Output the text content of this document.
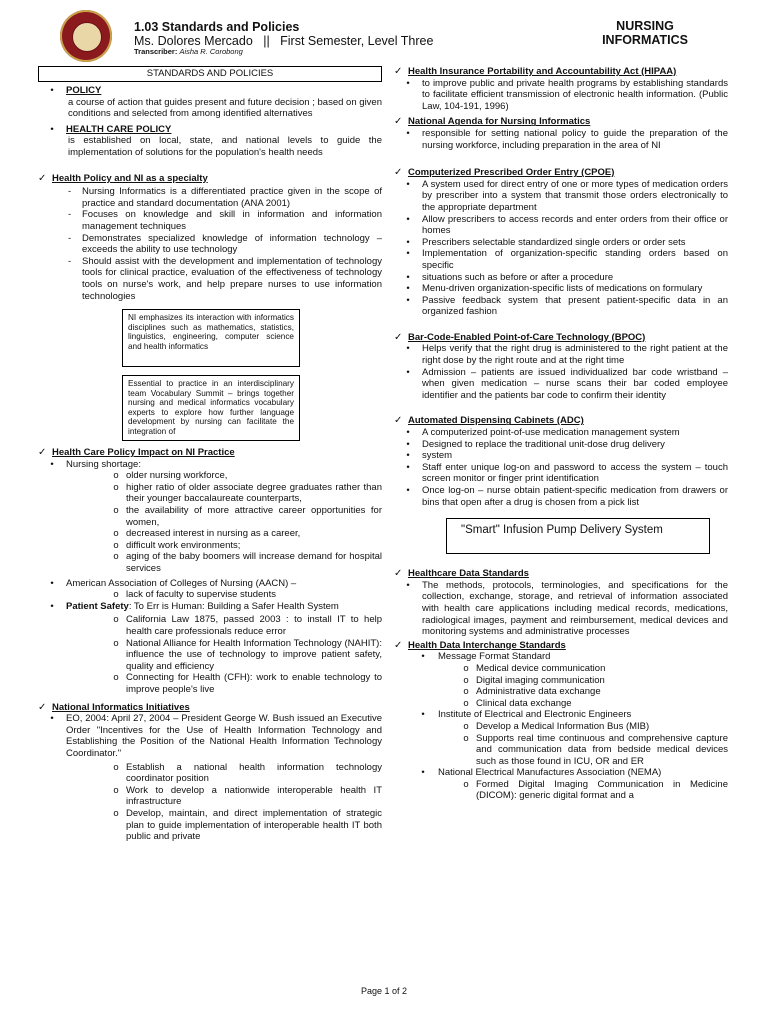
1.03 Standards and Policies
Ms. Dolores Mercado   ||   First Semester, Level Three
Transcriber: Aisha R. Corobong
NURSING
INFORMATICS
STANDARDS AND POLICIES
•	POLICY
a course of action that guides present and future decision ; based on given conditions and selected from among identified alternatives
•	HEALTH CARE POLICY
is established on local, state, and national levels to guide the implementation of solutions for the population's health needs
✓ Health Policy and NI as a specialty
-	Nursing Informatics is a differentiated practice given in the scope of practice and standard documentation (ANA 2001)
-	Focuses on knowledge and skill in information and information management techniques
-	Demonstrates specialized knowledge of information technology – exceeds the ability to use technology
-	Should assist with the development and implementation of technology tools for clinical practice, evaluation of the effectiveness of technology tools on nurse's work, and help prepare nurses to use information technologies
NI emphasizes its interaction with informatics disciplines such as mathematics, statistics, linguistics, engineering, computer science and health informatics
Essential to practice in an interdisciplinary team Vocabulary Summit – brings together nursing and medical informatics vocabulary experts to explore how further language development by nursing can facilitate the integration of
✓ Health Care Policy Impact on NI Practice
•	Nursing shortage:
o older nursing workforce,
o higher ratio of older associate degree graduates rather than their younger baccalaureate counterparts,
o the availability of more attractive career opportunities for women,
o decreased interest in nursing as a career,
o difficult work environments;
o aging of the baby boomers will increase demand for hospital services
•	American Association of Colleges of Nursing (AACN) –
o lack of faculty to supervise students
•	Patient Safety: To Err is Human: Building a Safer Health System
o California Law 1875, passed 2003 : to install IT to help health care professionals reduce error
o National Alliance for Health Information Technology (NAHIT): influence the use of technology to improve patient safety, quality and efficiency
o Connecting for Health (CFH): work to enable technology to improve people's live
✓ National Informatics Initiatives
•	EO, 2004: April 27, 2004 – President George W. Bush issued an Executive Order "Incentives for the Use of Health Information Technology and Establishing the Position of the National Health Information Technology Coordinator."
o Establish a national health information technology coordinator position
o Work to develop a nationwide interoperable health IT infrastructure
o Develop, maintain, and direct implementation of strategic plan to guide implementation of interoperable health IT both public and private
✓ Health Insurance Portability and Accountability Act (HIPAA)
•	to improve public and private health programs by establishing standards to facilitate efficient transmission of electronic health information. (Public Law, 104-191, 1996)
✓ National Agenda for Nursing Informatics
•	responsible for setting national policy to guide the preparation of the nursing workforce, including preparation in the area of NI
✓ Computerized Prescribed Order Entry (CPOE)
•	A system used for direct entry of one or more types of medication orders by prescriber into a system that transmit those orders electronically to the appropriate department
•	Allow prescribers to access records and enter orders from their office or homes
•	Prescribers selectable standardized single orders or order sets
•	Implementation of organization-specific standing orders based on specific
•	situations such as before or after a procedure
•	Menu-driven organization-specific lists of medications on formulary
•	Passive feedback system that present patient-specific data in an organized fashion
✓ Bar-Code-Enabled Point-of-Care Technology (BPOC)
•	Helps verify that the right drug is administered to the right patient at the right dose by the right route and at the right time
•	Admission – patients are issued individualized bar code wristband – when given medication – nurse scans their bar coded employee identifier and the patients bar code to confirm their identity
✓ Automated Dispensing Cabinets (ADC)
•	A computerized point-of-use medication management system
•	Designed to replace the traditional unit-dose drug delivery
•	system
•	Staff enter unique log-on and password to access the system – touch screen monitor or finger print identification
•	Once log-on – nurse obtain patient-specific medication from drawers or bins that open after a drug is chosen from a pick list
"Smart" Infusion Pump Delivery System
✓ Healthcare Data Standards
•	The methods, protocols, terminologies, and specifications for the collection, exchange, storage, and retrieval of information associated with health care applications including medical records, medications, radiological images, payment and reimbursement, medical devices and monitoring systems and administrative processes
✓ Health Data Interchange Standards
•	Message Format Standard
o Medical device communication
o Digital imaging communication
o Administrative data exchange
o Clinical data exchange
•	Institute of Electrical and Electronic Engineers
o Develop a Medical Information Bus (MIB)
o Supports real time continuous and comprehensive capture and communication data from bedside medical devices such as those found in ICU, OR and ER
•	National Electrical Manufactures Association (NEMA)
o Formed Digital Imaging Communication in Medicine (DICOM): generic digital format and a
Page 1 of 2
